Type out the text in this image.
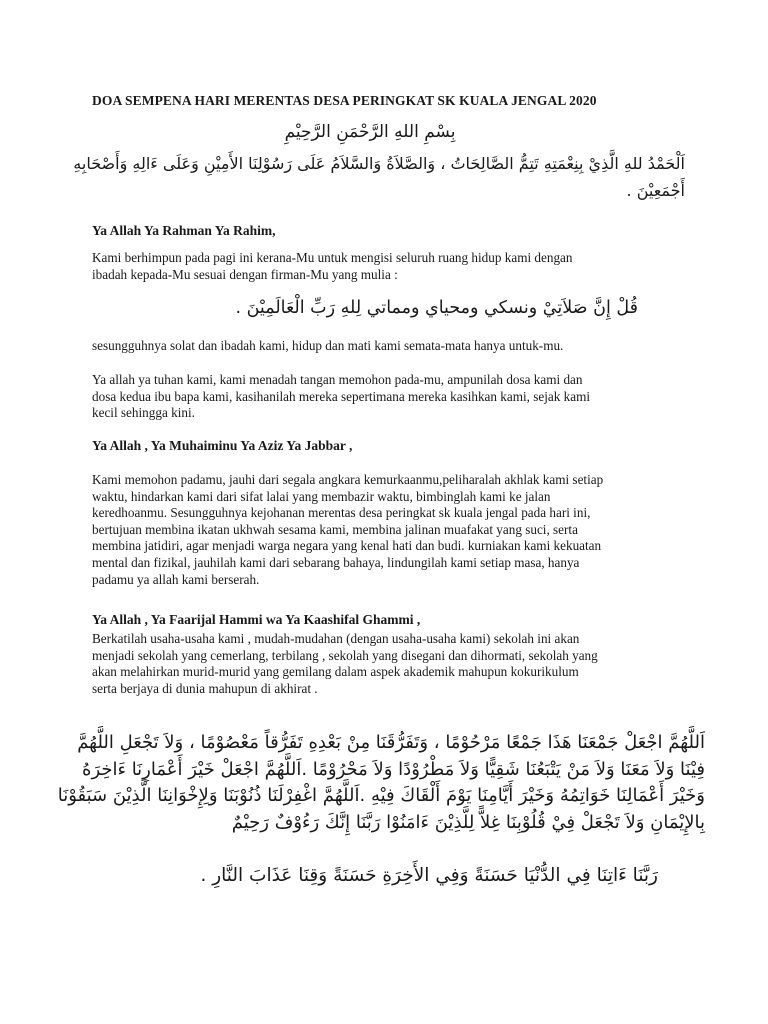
DOA SEMPENA HARI MERENTAS DESA PERINGKAT SK KUALA JENGAL 2020
بِسْمِ اللهِ الرَّحْمَنِ الرَّحِيْمِ
اَلْحَمْدُ للهِ الَّذِيْ بِنِعْمَتِهِ تَتِمُّ الصَّالِحَاتُ ، وَالصَّلاَةُ وَالسَّلاَمُ عَلَى رَسُوْلِنَا الأَمِيْنِ وَعَلَى ءَالِهِ وَأَصْحَابِهِ أَجْمَعِيْنَ .
Ya Allah Ya Rahman Ya Rahim,
Kami berhimpun pada pagi ini kerana-Mu untuk mengisi seluruh ruang hidup kami dengan
ibadah kepada-Mu sesuai dengan firman-Mu yang mulia :
قُلْ إِنَّ صَلاَتِيْ ونسكي ومحياي ومماتي لِلهِ رَبِّ الْعَالَمِيْنَ .
sesungguhnya solat dan ibadah kami, hidup dan mati kami semata-mata hanya untuk-mu.
Ya allah ya tuhan kami, kami menadah tangan memohon pada-mu, ampunilah dosa kami dan
dosa kedua ibu bapa kami, kasihanilah mereka sepertimana mereka kasihkan kami, sejak kami
kecil sehingga kini.
Ya Allah , Ya Muhaiminu Ya Aziz Ya Jabbar ,
Kami memohon padamu, jauhi dari segala angkara kemurkaanmu,peliharalah akhlak kami setiap
waktu, hindarkan kami dari sifat lalai yang membazir waktu, bimbinglah kami ke jalan
keredhoanmu. Sesungguhnya kejohanan merentas desa peringkat sk kuala jengal pada hari ini,
bertujuan membina ikatan ukhwah sesama kami, membina jalinan muafakat yang suci, serta
membina jatidiri, agar menjadi warga negara yang kenal hati dan budi. kurniakan kami kekuatan
mental dan fizikal, jauhilah kami dari sebarang bahaya, lindungilah kami setiap masa, hanya
padamu ya allah kami berserah.
Ya Allah , Ya Faarijal Hammi wa Ya Kaashifal Ghammi ,
Berkatilah usaha-usaha kami , mudah-mudahan (dengan usaha-usaha kami) sekolah ini akan
menjadi sekolah yang cemerlang, terbilang , sekolah yang disegani dan dihormati, sekolah yang
akan melahirkan murid-murid yang gemilang dalam aspek akademik mahupun kokurikulum
serta berjaya di dunia mahupun di akhirat .
اَللَّهُمَّ اجْعَلْ جَمْعَنَا هَذَا جَمْعًا مَرْحُوْمًا ، وَتَفَرُّقَنَا مِنْ بَعْدِهِ تَفَرُّقاً مَعْصُوْمًا ، وَلاَ تَجْعَلِ اللَّهُمَّ فِيْنَا وَلاَ مَعَنَا وَلاَ مَنْ يَتْبَعُنَا شَقِيًّا وَلاَ مَطْرُوْدًا وَلاَ مَحْرُوْمًا .اَللَّهُمَّ اجْعَلْ خَيْرَ أَعْمَارِنَا ءَاخِرَهُ وَخَيْرَ أَعْمَالِنَا خَوَاتِمُهُ وَخَيْرَ أَيَّامِنَا يَوْمَ أَلْقَاكَ فِيْهِ .اَللَّهُمَّ اغْفِرْلَنَا ذُنُوْبَنَا وَلِإِخْوَانِنَا الَّذِيْنَ سَبَقُوْنَا بِالإِيْمَانِ وَلاَ تَجْعَلْ فِيْ قُلُوْبِنَا غِلاًّ لِلَّذِيْنَ ءَامَنُوْا رَبَّنَا إِنَّكَ رَءُوْفٌ رَحِيْمٌ
رَبَّنَا ءَاتِنَا فِي الدُّنْيَا حَسَنَةً وَفِي الأَخِرَةِ حَسَنَةً وَقِنَا عَذَابَ النَّارِ .
